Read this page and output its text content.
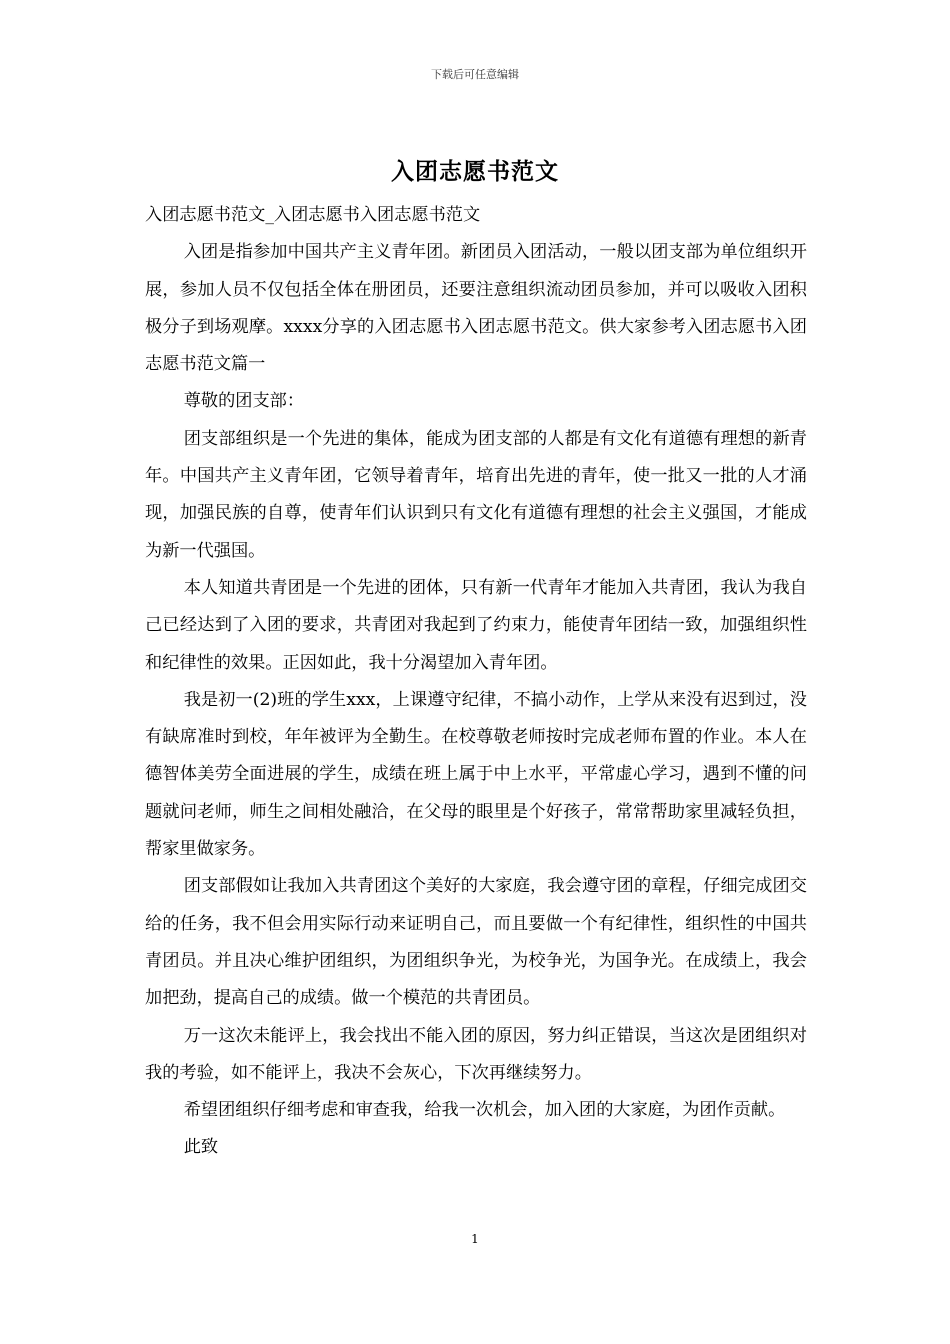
下载后可任意编辑
入团志愿书范文

入团志愿书范文_入团志愿书入团志愿书范文

入团是指参加中国共产主义青年团。新团员入团活动，一般以团支部为单位组织开展，参加人员不仅包括全体在册团员，还要注意组织流动团员参加，并可以吸收入团积极分子到场观摩。xxxx分享的入团志愿书入团志愿书范文。供大家参考入团志愿书入团志愿书范文篇一

尊敬的团支部：

团支部组织是一个先进的集体，能成为团支部的人都是有文化有道德有理想的新青年。中国共产主义青年团，它领导着青年，培育出先进的青年，使一批又一批的人才涌现，加强民族的自尊，使青年们认识到只有文化有道德有理想的社会主义强国，才能成为新一代强国。

本人知道共青团是一个先进的团体，只有新一代青年才能加入共青团，我认为我自己已经达到了入团的要求，共青团对我起到了约束力，能使青年团结一致，加强组织性和纪律性的效果。正因如此，我十分渴望加入青年团。

我是初一(2)班的学生xxx，上课遵守纪律，不搞小动作，上学从来没有迟到过，没有缺席准时到校，年年被评为全勤生。在校尊敬老师按时完成老师布置的作业。本人在德智体美劳全面进展的学生，成绩在班上属于中上水平，平常虚心学习，遇到不懂的问题就问老师，师生之间相处融洽，在父母的眼里是个好孩子，常常帮助家里减轻负担，帮家里做家务。

团支部假如让我加入共青团这个美好的大家庭，我会遵守团的章程，仔细完成团交给的任务，我不但会用实际行动来证明自己，而且要做一个有纪律性，组织性的中国共青团员。并且决心维护团组织，为团组织争光，为校争光，为国争光。在成绩上，我会加把劲，提高自己的成绩。做一个模范的共青团员。

万一这次未能评上，我会找出不能入团的原因，努力纠正错误，当这次是团组织对我的考验，如不能评上，我决不会灰心，下次再继续努力。

希望团组织仔细考虑和审查我，给我一次机会，加入团的大家庭，为团作贡献。

此致

1
